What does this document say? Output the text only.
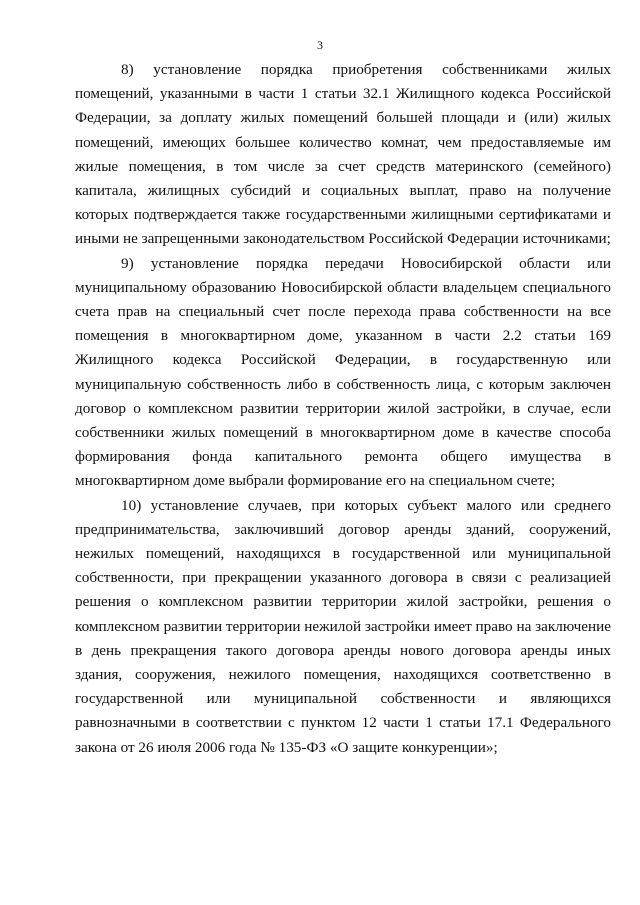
3

8) установление порядка приобретения собственниками жилых помещений, указанными в части 1 статьи 32.1 Жилищного кодекса Российской Федерации, за доплату жилых помещений большей площади и (или) жилых помещений, имеющих большее количество комнат, чем предоставляемые им жилые помещения, в том числе за счет средств материнского (семейного) капитала, жилищных субсидий и социальных выплат, право на получение которых подтверждается также государственными жилищными сертификатами и иными не запрещенными законодательством Российской Федерации источниками;

9) установление порядка передачи Новосибирской области или муниципальному образованию Новосибирской области владельцем специального счета прав на специальный счет после перехода права собственности на все помещения в многоквартирном доме, указанном в части 2.2 статьи 169 Жилищного кодекса Российской Федерации, в государственную или муниципальную собственность либо в собственность лица, с которым заключен договор о комплексном развитии территории жилой застройки, в случае, если собственники жилых помещений в многоквартирном доме в качестве способа формирования фонда капитального ремонта общего имущества в многоквартирном доме выбрали формирование его на специальном счете;

10) установление случаев, при которых субъект малого или среднего предпринимательства, заключивший договор аренды зданий, сооружений, нежилых помещений, находящихся в государственной или муниципальной собственности, при прекращении указанного договора в связи с реализацией решения о комплексном развитии территории жилой застройки, решения о комплексном развитии территории нежилой застройки имеет право на заключение в день прекращения такого договора аренды нового договора аренды иных здания, сооружения, нежилого помещения, находящихся соответственно в государственной или муниципальной собственности и являющихся равнозначными в соответствии с пунктом 12 части 1 статьи 17.1 Федерального закона от 26 июля 2006 года № 135-ФЗ «О защите конкуренции»;
